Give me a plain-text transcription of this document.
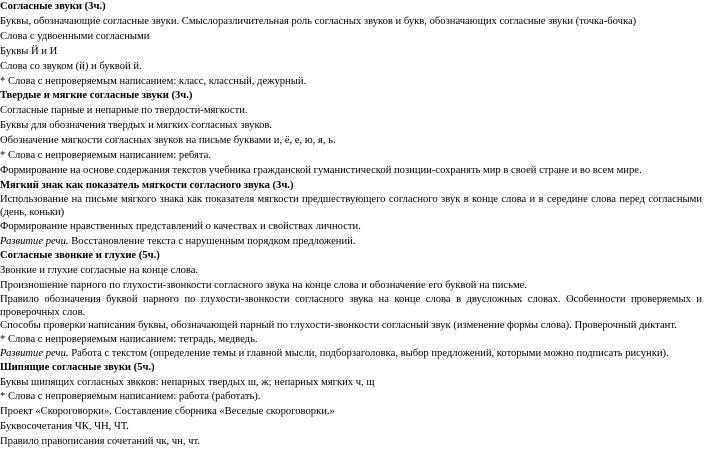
Согласные звуки (3ч.)

Буквы, обозначающие согласные звуки. Смыслоразличительная роль согласных звуков и букв, обозначающих согласные звуки (точка-бочка)

Слова с удвоенными согласными

Буквы Й и И

Слова со звуком (й) и буквой й.

* Слова с непроверяемым написанием: класс, классный, дежурный.

Твердые и мягкие согласные звуки (3ч.)

Согласные парные и непарные по твердости-мягкости.

Буквы для обозначения твердых и мягких согласных звуков.

Обозначение мягкости согласных звуков на письме буквами и, ё, е, ю, я, ь.

* Слова с непроверяемым написанием: ребята.

Формирование на основе содержания текстов учебника гражданской гуманистической позиции-сохранять мир в своей стране и во всем мире.

Мягкий знак как показатель мягкости согласного звука (3ч.)

Использование на письме мягкого знака как показателя мягкости предшествующего согласного звук в конце слова и в середине слова перед согласными (день, коньки)

Формирование нравственных представлений о качествах и свойствах личности.

Развитие речи. Восстановление текста с нарушенным порядком предложений.

Согласные звонкие и глухие (5ч.)

Звонкие и глухие согласные на конце слова.

Произношение парного по глухости-звонкости согласного звука на конце слова и обозначение его буквой на письме.

Правило обозначения буквой парного по глухости-звонкости согласного звука на конце слова в двусложных словах. Особенности проверяемых и проверочных слов.

Способы проверки написания буквы, обозначающей парный по глухости-звонкости согласный звук (изменение формы слова). Проверочный диктант.

* Слова с непроверяемым написанием: тетрадь, медведь.

Развитие речи. Работа с текстом (определение темы и главной мысли, подборзаголовка, выбор предложений, которыми можно подписать рисунки).

Шипящие согласные звуки (5ч.)

Буквы шипящих согласных звкков: непарных твердых ш, ж; непарных мягких ч, щ

* Слова с непроверяемым написанием: работа (работать).

Проект «Скороговорки». Составление сборника «Веселые скороговорки.»

Буквосочетания ЧК, ЧН, ЧТ.

Правило правописания сочетаний чк, чн, чт.
